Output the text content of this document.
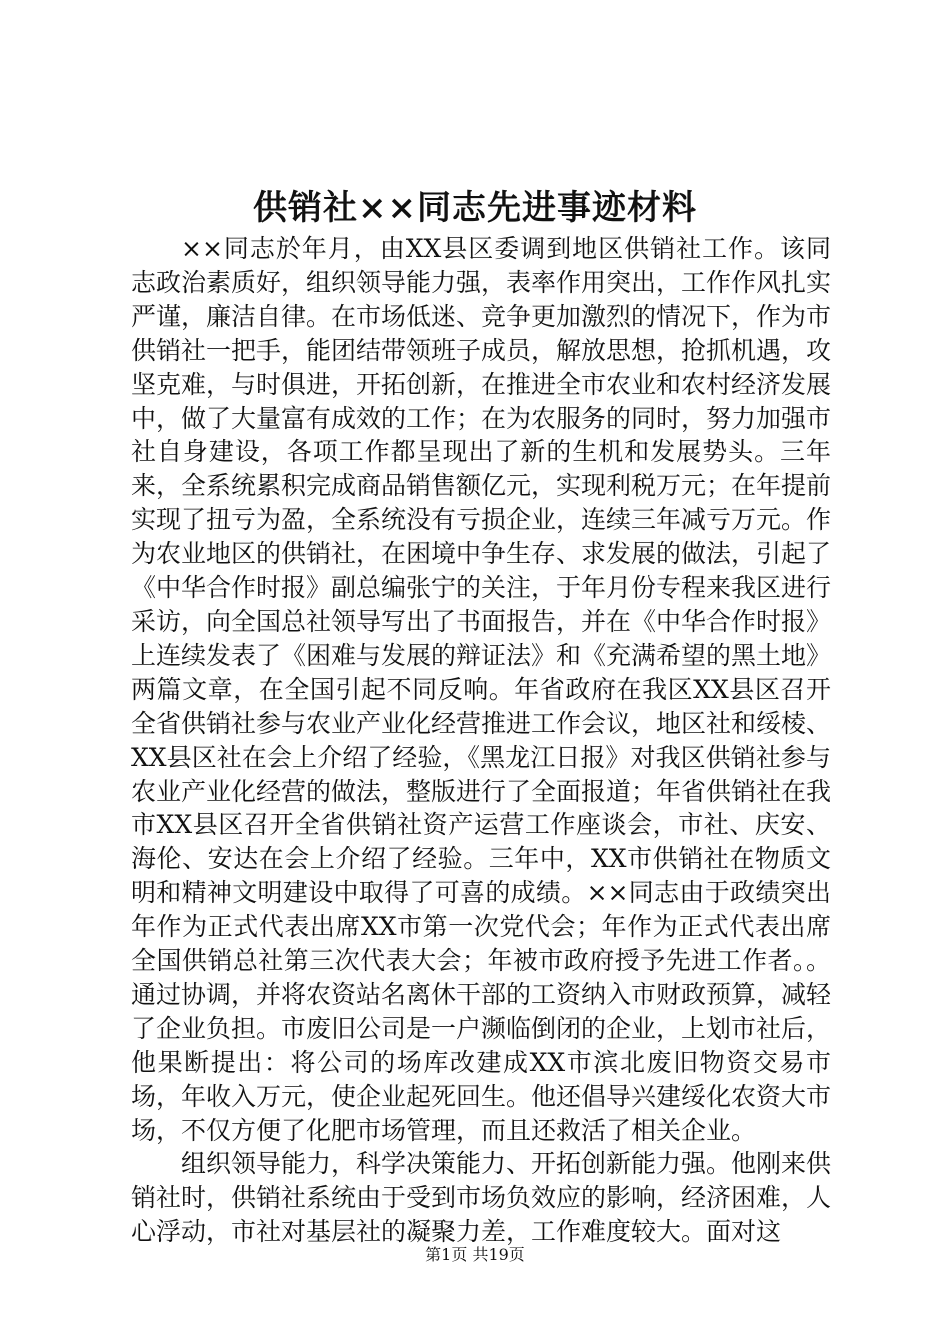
供销社××同志先进事迹材料

××同志於年月，由XX县区委调到地区供销社工作。该同志政治素质好，组织领导能力强，表率作用突出，工作作风扎实严谨，廉洁自律。在市场低迷、竞争更加激烈的情况下，作为市供销社一把手，能团结带领班子成员，解放思想，抢抓机遇，攻坚克难，与时俱进，开拓创新，在推进全市农业和农村经济发展中，做了大量富有成效的工作；在为农服务的同时，努力加强市社自身建设，各项工作都呈现出了新的生机和发展势头。三年来，全系统累积完成商品销售额亿元，实现利税万元；在年提前实现了扭亏为盈，全系统没有亏损企业，连续三年减亏万元。作为农业地区的供销社，在困境中争生存、求发展的做法，引起了《中华合作时报》副总编张宁的关注，于年月份专程来我区进行采访，向全国总社领导写出了书面报告，并在《中华合作时报》上连续发表了《困难与发展的辩证法》和《充满希望的黑土地》两篇文章，在全国引起不同反响。年省政府在我区XX县区召开全省供销社参与农业产业化经营推进工作会议，地区社和绥棱、XX县区社在会上介绍了经验，《黑龙江日报》对我区供销社参与农业产业化经营的做法，整版进行了全面报道；年省供销社在我市XX县区召开全省供销社资产运营工作座谈会，市社、庆安、海伦、安达在会上介绍了经验。三年中，XX市供销社在物质文明和精神文明建设中取得了可喜的成绩。××同志由于政绩突出年作为正式代表出席XX市第一次党代会；年作为正式代表出席全国供销总社第三次代表大会；年被市政府授予先进工作者。。通过协调，并将农资站名离休干部的工资纳入市财政预算，减轻了企业负担。市废旧公司是一户濒临倒闭的企业，上划市社后，他果断提出：将公司的场库改建成XX市滨北废旧物资交易市场，年收入万元，使企业起死回生。他还倡导兴建绥化农资大市场，不仅方便了化肥市场管理，而且还救活了相关企业。

组织领导能力，科学决策能力、开拓创新能力强。他刚来供销社时，供销社系统由于受到市场负效应的影响，经济困难，人心浮动，市社对基层社的凝聚力差，工作难度较大。面对这

第1页 共19页
